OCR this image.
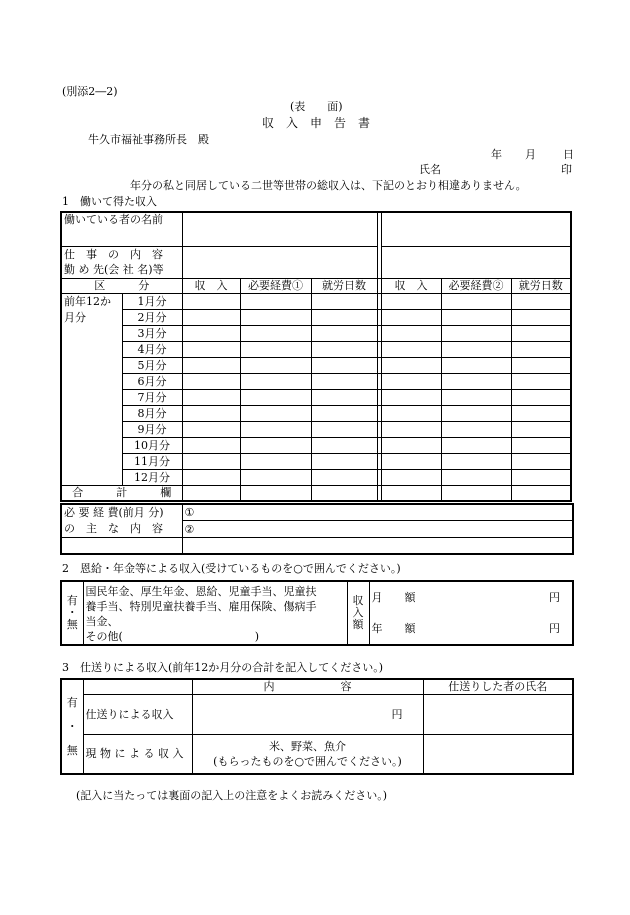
(別添2―2)
(表　　面)
収　入　申　告　書
牛久市福祉事務所長　殿
年 月 日
氏名	印
年分の私と同居している二世等世帯の総収入は、下記のとおり相違ありません。
1　働いて得た収入
働いている者の名前								

仕　事　の　内　容
勤 め 先(会 社 名)等								

区　　　分		収　入	必要経費①	就労日数		収　入	必要経費②	就労日数

前年12か
月分	1月分							
	2月分							
	3月分							
	4月分							
	5月分							
	6月分							
	7月分							
	8月分							
	9月分							
	10月分							
	11月分							
	12月分							
合　　　計　　　欄								
必 要 経 費(前月 分)
の　主　な　内　容	①
	②

2　恩給・年金等による収入(受けているものを○で囲んでください。)
有
・
無

国民年金、厚生年金、恩給、児童手当、児童扶
養手当、特別児童扶養手当、雇用保険、傷病手
当金、
その他(　　　　　　　　　　　　)

収
入
額
	月　　額	円

年　　額	円
3　仕送りによる収入(前年12か月分の合計を記入してください。)
有
・
無		内　　　　　　容	仕送りした者の氏名
	仕送りによる収入	円	
	現 物 に よ る 収 入	米、野菜、魚介
(もらったものを○で囲んでください。)	

(記入に当たっては裏面の記入上の注意をよくお読みください。)
